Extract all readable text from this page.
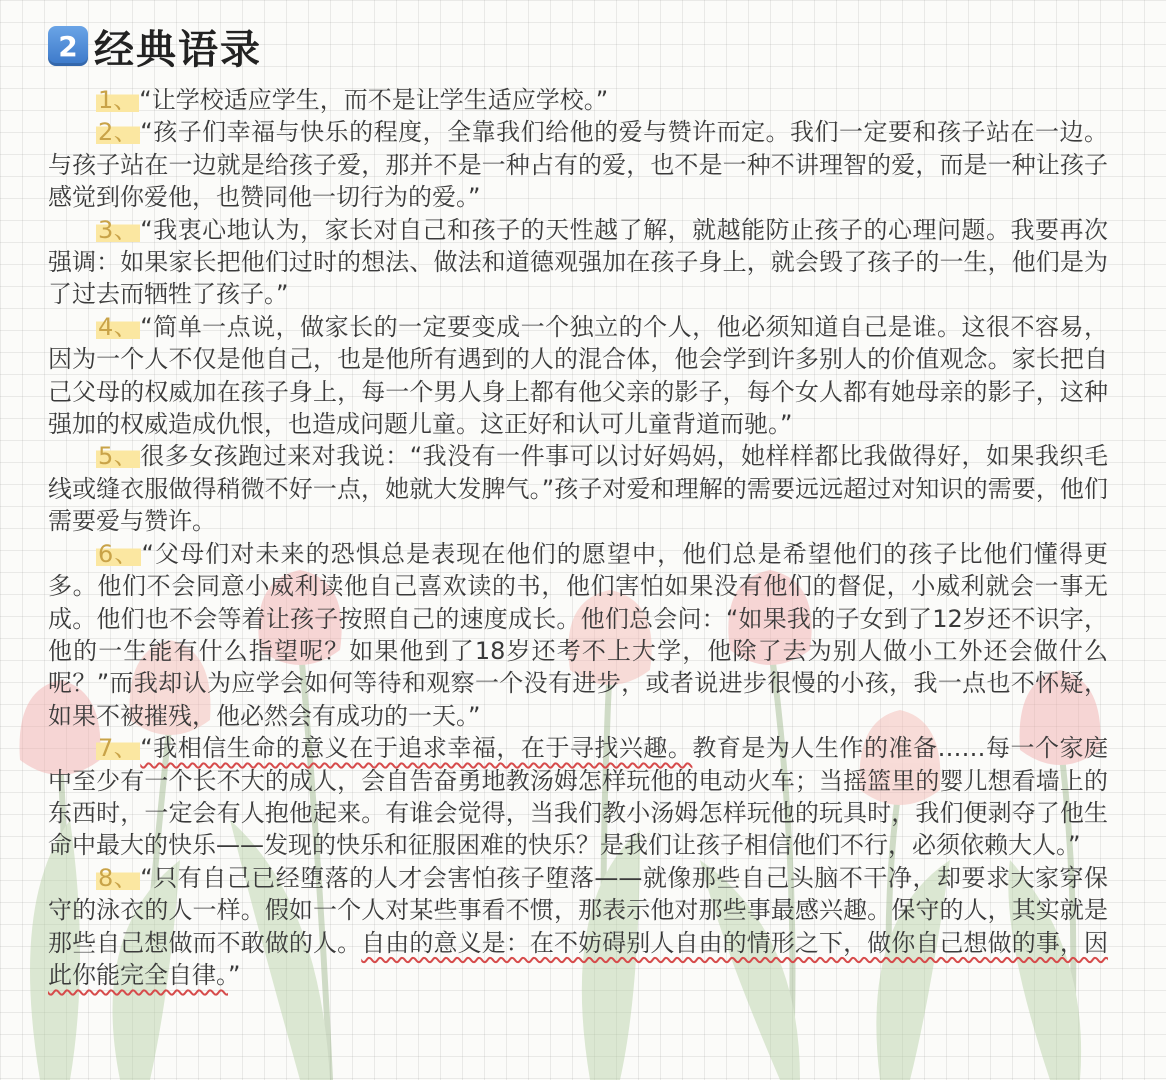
2 经典语录

1、“让学校适应学生，而不是让学生适应学校。”

2、“孩子们幸福与快乐的程度，全靠我们给他的爱与赞许而定。我们一定要和孩子站在一边。与孩子站在一边就是给孩子爱，那并不是一种占有的爱，也不是一种不讲理智的爱，而是一种让孩子感觉到你爱他，也赞同他一切行为的爱。”

3、“我衷心地认为，家长对自己和孩子的天性越了解，就越能防止孩子的心理问题。我要再次强调：如果家长把他们过时的想法、做法和道德观强加在孩子身上，就会毁了孩子的一生，他们是为了过去而牺牲了孩子。”

4、“简单一点说，做家长的一定要变成一个独立的个人，他必须知道自己是谁。这很不容易，因为一个人不仅是他自己，也是他所有遇到的人的混合体，他会学到许多别人的价值观念。家长把自己父母的权威加在孩子身上，每一个男人身上都有他父亲的影子，每个女人都有她母亲的影子，这种强加的权威造成仇恨，也造成问题儿童。这正好和认可儿童背道而驰。”

5、很多女孩跑过来对我说：“我没有一件事可以讨好妈妈，她样样都比我做得好，如果我织毛线或缝衣服做得稍微不好一点，她就大发脾气。”孩子对爱和理解的需要远远超过对知识的需要，他们需要爱与赞许。

6、“父母们对未来的恐惧总是表现在他们的愿望中，他们总是希望他们的孩子比他们懂得更多。他们不会同意小威利读他自己喜欢读的书，他们害怕如果没有他们的督促，小威利就会一事无成。他们也不会等着让孩子按照自己的速度成长。他们总会问：“如果我的子女到了12岁还不识字，他的一生能有什么指望呢？如果他到了18岁还考不上大学，他除了去为别人做小工外还会做什么呢？”而我却认为应学会如何等待和观察一个没有进步，或者说进步很慢的小孩，我一点也不怀疑，如果不被摧残，他必然会有成功的一天。”

7、“我相信生命的意义在于追求幸福，在于寻找兴趣。教育是为人生作的准备……每一个家庭中至少有一个长不大的成人，会自告奋勇地教汤姆怎样玩他的电动火车；当摇篮里的婴儿想看墙上的东西时，一定会有人抱他起来。有谁会觉得，当我们教小汤姆怎样玩他的玩具时，我们便剥夺了他生命中最大的快乐——发现的快乐和征服困难的快乐？是我们让孩子相信他们不行，必须依赖大人。”

8、“只有自己已经堕落的人才会害怕孩子堕落——就像那些自己头脑不干净，却要求大家穿保守的泳衣的人一样。假如一个人对某些事看不惯，那表示他对那些事最感兴趣。保守的人，其实就是那些自己想做而不敢做的人。自由的意义是：在不妨碍别人自由的情形之下，做你自己想做的事，因此你能完全自律。”
